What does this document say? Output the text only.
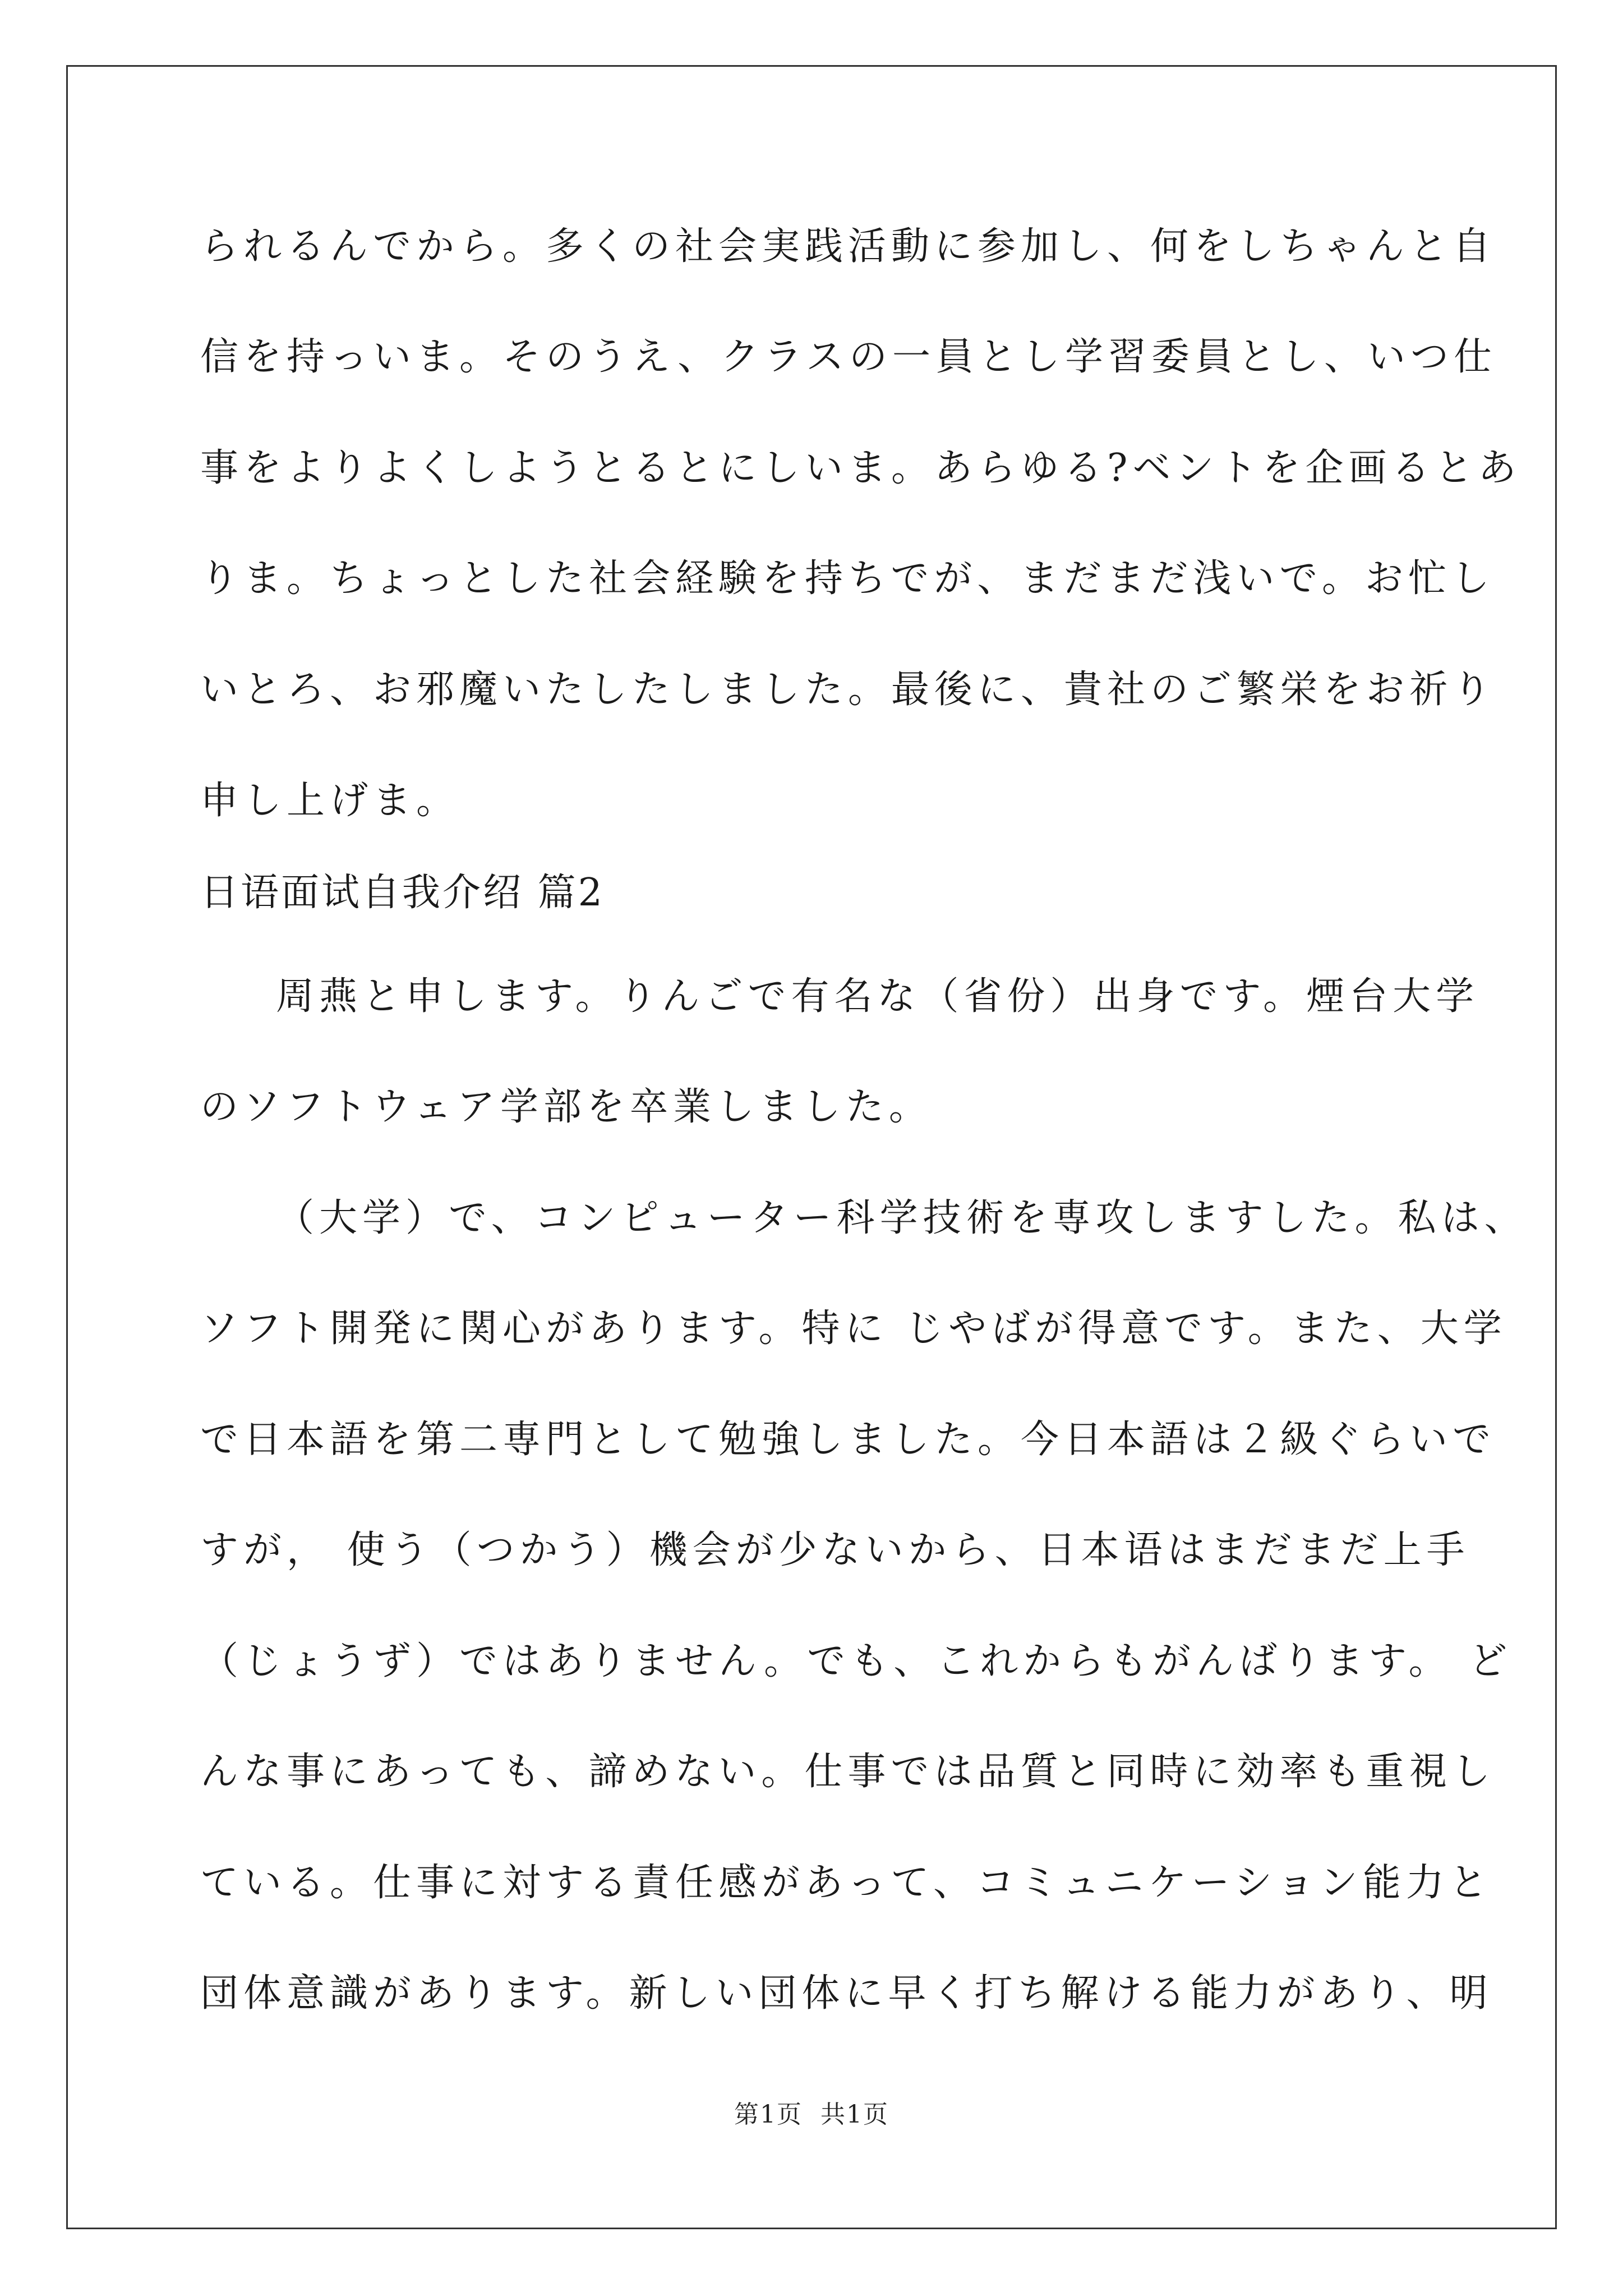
られるんでから。多くの社会実践活動に参加し、何をしちゃんと自
信を持っいま。そのうえ、クラスの一員とし学習委員とし、いつ仕
事をよりよくしようとるとにしいま。あらゆる?ベントを企画るとあ
りま。ちょっとした社会経験を持ちでが、まだまだ浅いで。お忙し
いとろ、お邪魔いたしたしました。最後に、貴社のご繁栄をお祈り
申し上げま。
日语面试自我介绍 篇2
周燕と申します。りんごで有名な（省份）出身です。煙台大学
のソフトウェア学部を卒業しました。
（大学）で、コンピューター科学技術を専攻しますした。私は、
ソフト開発に関心があります。特に じやばが得意です。また、大学
で日本語を第二専門として勉強しました。今日本語は２級ぐらいで
すが， 使う（つかう）機会が少ないから、日本语はまだまだ上手
（じょうず）ではありません。でも、これからもがんばります。 ど
んな事にあっても、諦めない。仕事では品質と同時に効率も重視し
ている。仕事に対する責任感があって、コミュニケーション能力と
団体意識があります。新しい団体に早く打ち解ける能力があり、明
第1页  共1页
